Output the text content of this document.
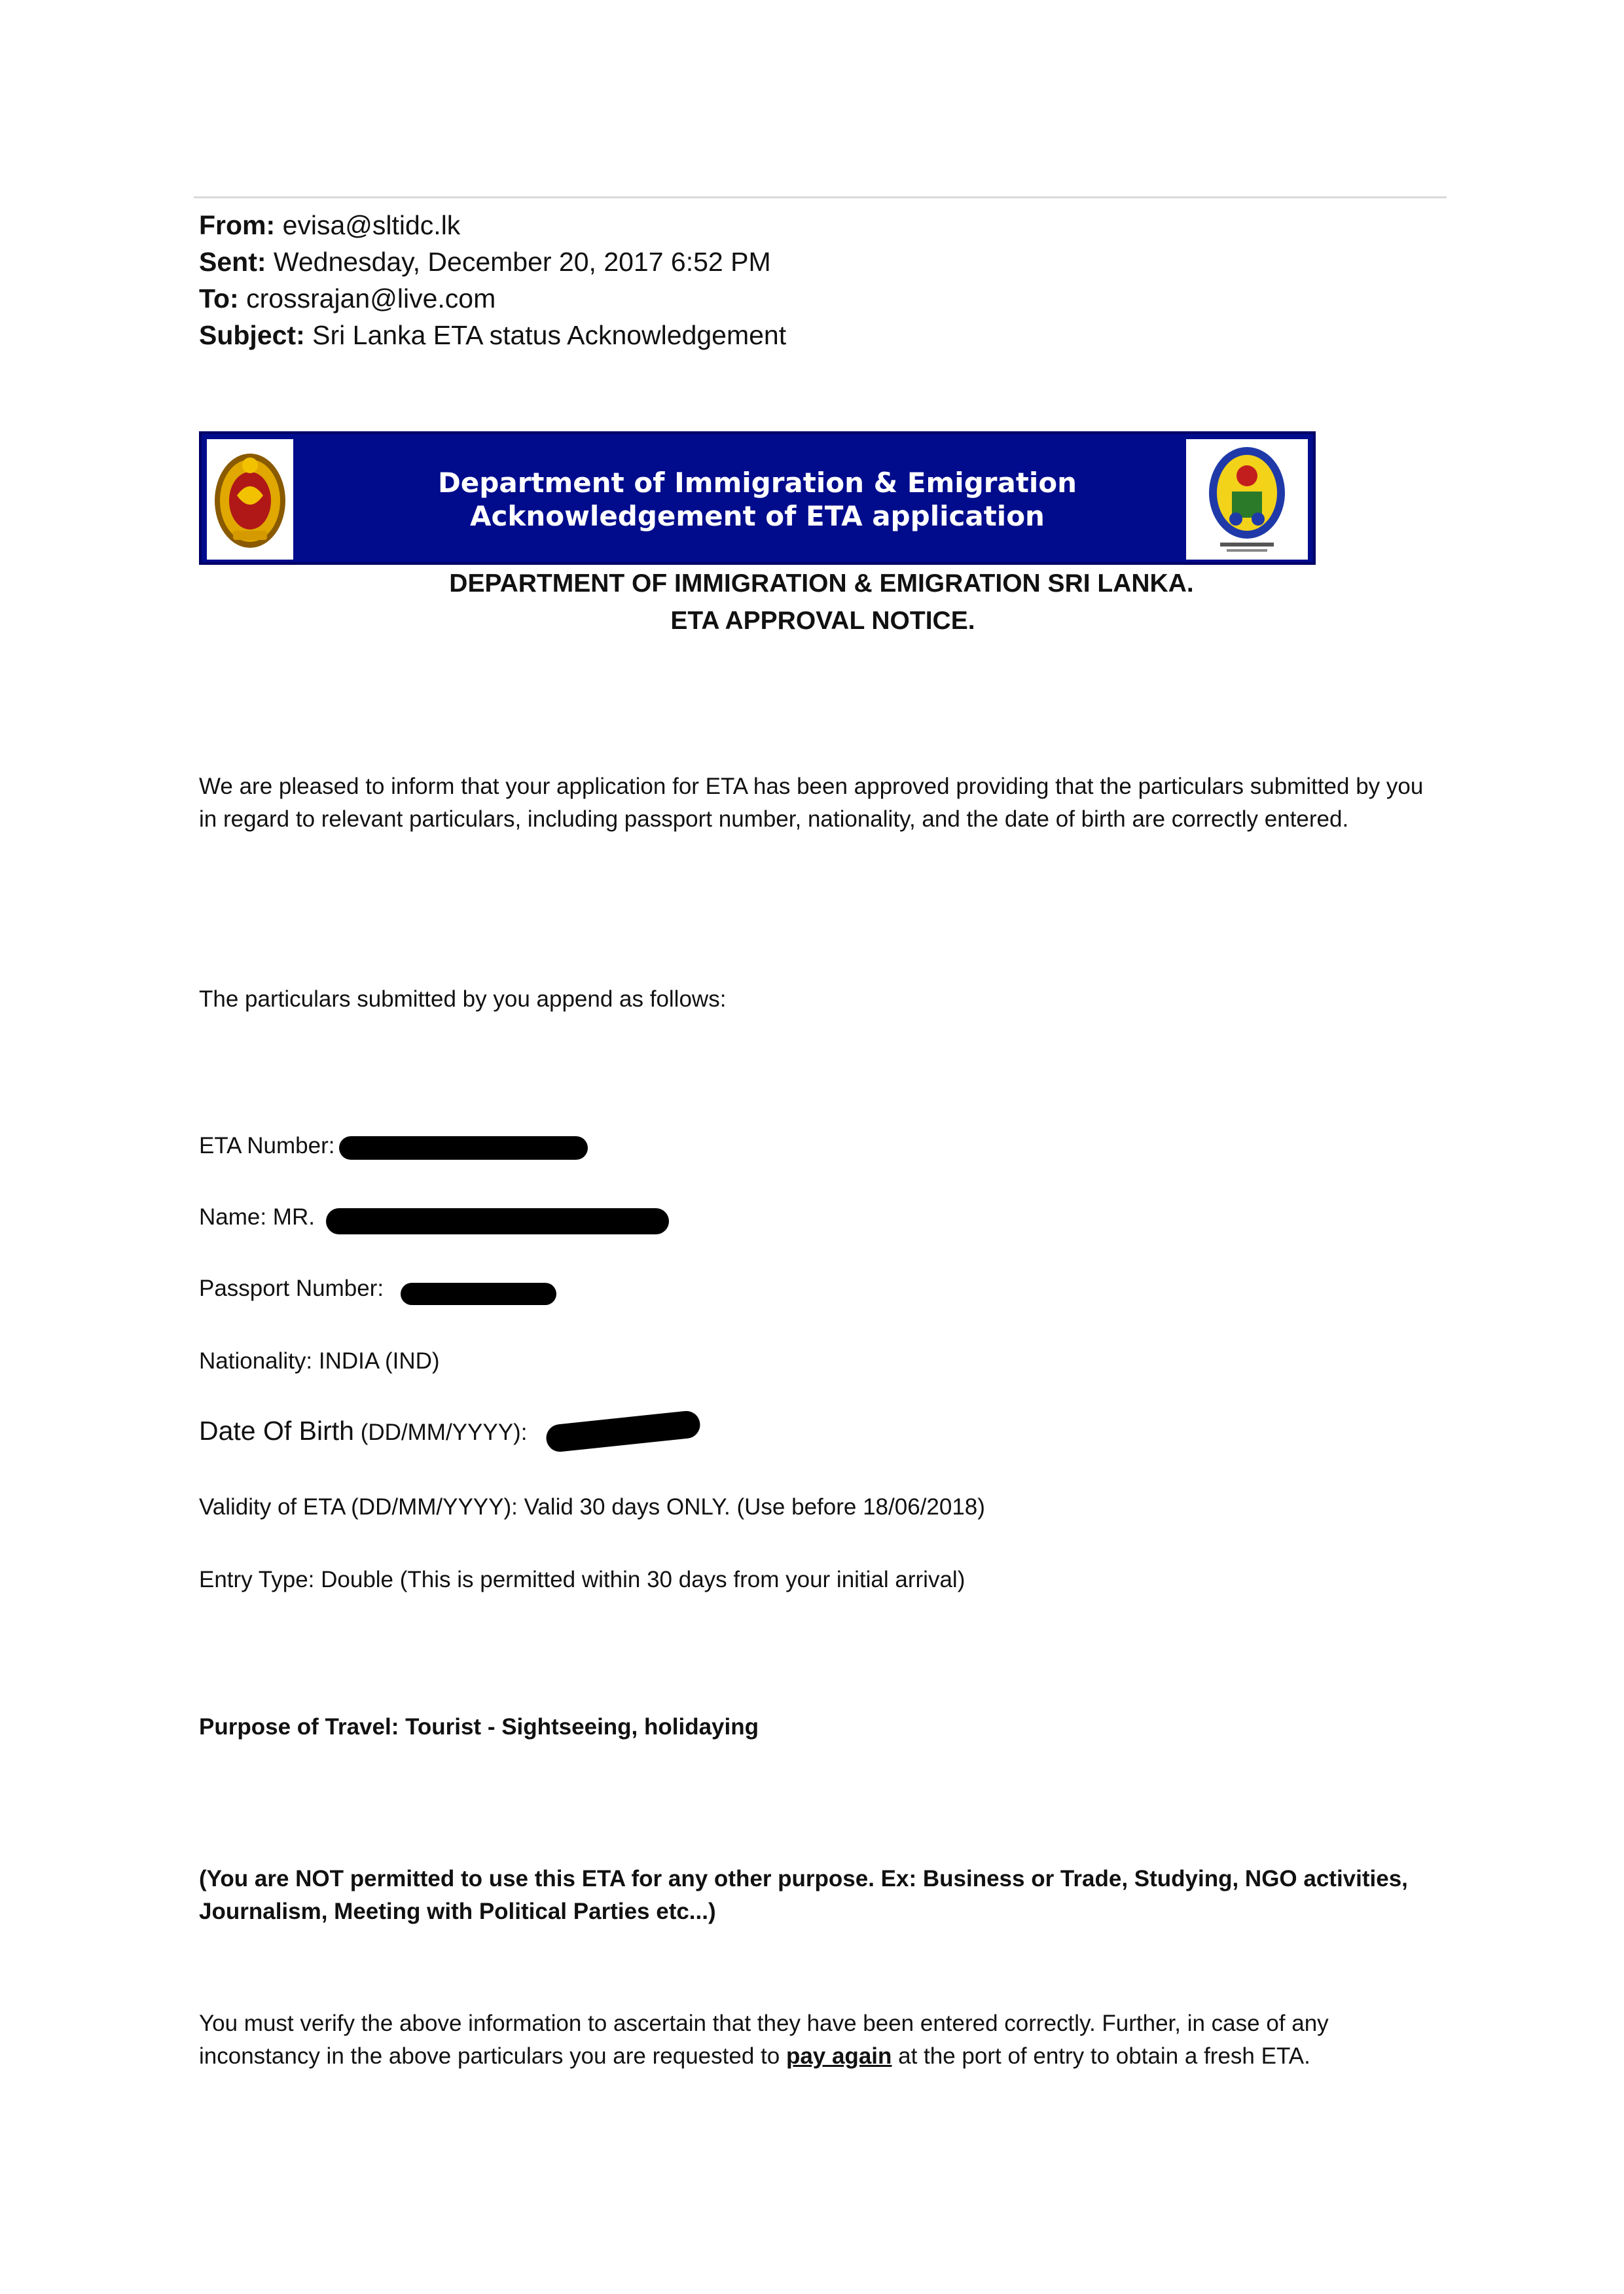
From: evisa@sltidc.lk
Sent: Wednesday, December 20, 2017 6:52 PM
To: crossrajan@live.com
Subject: Sri Lanka ETA status Acknowledgement
Department of Immigration & Emigration
Acknowledgement of ETA application
DEPARTMENT OF IMMIGRATION & EMIGRATION SRI LANKA.
ETA APPROVAL NOTICE.
We are pleased to inform that your application for ETA has been approved providing that the particulars submitted by you in regard to relevant particulars, including passport number, nationality, and the date of birth are correctly entered.
The particulars submitted by you append as follows:
ETA Number:
Name: MR.
Passport Number:
Nationality: INDIA (IND)
Date Of Birth (DD/MM/YYYY):
Validity of ETA (DD/MM/YYYY): Valid 30 days ONLY. (Use before 18/06/2018)
Entry Type: Double (This is permitted within 30 days from your initial arrival)
Purpose of Travel: Tourist - Sightseeing, holidaying
(You are NOT permitted to use this ETA for any other purpose. Ex: Business or Trade, Studying, NGO activities, Journalism, Meeting with Political Parties etc...)
You must verify the above information to ascertain that they have been entered correctly. Further, in case of any inconstancy in the above particulars you are requested to pay again at the port of entry to obtain a fresh ETA.
